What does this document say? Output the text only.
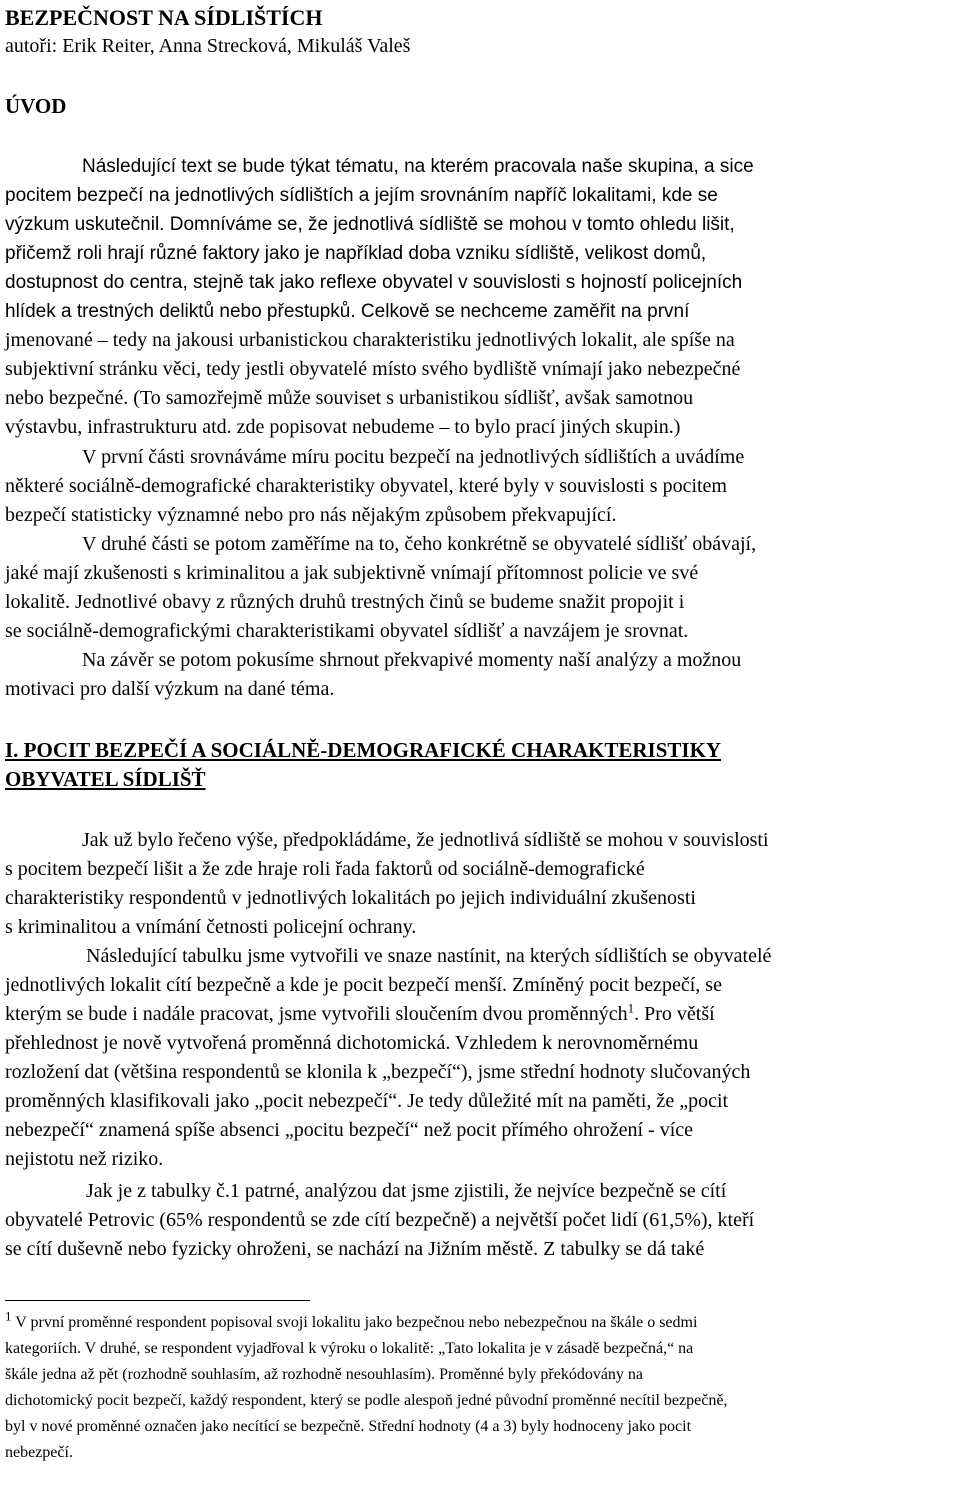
BEZPEČNOST NA SÍDLIŠTÍCH
autoři: Erik Reiter, Anna Strecková, Mikuláš Valeš
ÚVOD
Následující text se bude týkat tématu, na kterém pracovala naše skupina, a sice
pocitem bezpečí na jednotlivých sídlištích a jejím srovnáním napříč lokalitami, kde se
výzkum uskutečnil. Domníváme se, že jednotlivá sídliště se mohou v tomto ohledu lišit,
přičemž roli hrají různé faktory jako je například doba vzniku sídliště, velikost domů,
dostupnost do centra, stejně tak jako reflexe obyvatel v souvislosti s hojností policejních
hlídek a trestných deliktů nebo přestupků. Celkově se nechceme zaměřit na první
jmenované – tedy na jakousi urbanistickou charakteristiku jednotlivých lokalit, ale spíše na
subjektivní stránku věci, tedy jestli obyvatelé místo svého bydliště vnímají jako nebezpečné
nebo bezpečné. (To samozřejmě může souviset s urbanistikou sídlišť, avšak samotnou
výstavbu, infrastrukturu atd. zde popisovat nebudeme – to bylo prací jiných skupin.)
V první části srovnáváme míru pocitu bezpečí na jednotlivých sídlištích a uvádíme
některé sociálně-demografické charakteristiky obyvatel, které byly v souvislosti s pocitem
bezpečí statisticky významné nebo pro nás nějakým způsobem překvapující.
V druhé části se potom zaměříme na to, čeho konkrétně se obyvatelé sídlišť obávají,
jaké mají zkušenosti s kriminalitou a jak subjektivně vnímají přítomnost policie ve své
lokalitě. Jednotlivé obavy z různých druhů trestných činů se budeme snažit propojit i
se sociálně-demografickými charakteristikami obyvatel sídlišť a navzájem je srovnat.
Na závěr se potom pokusíme shrnout překvapivé momenty naší analýzy a možnou
motivaci pro další výzkum na dané téma.
I. POCIT BEZPEČÍ A SOCIÁLNĚ-DEMOGRAFICKÉ CHARAKTERISTIKY
OBYVATEL SÍDLIŠŤ
Jak už bylo řečeno výše, předpokládáme, že jednotlivá sídliště se mohou v souvislosti
s pocitem bezpečí lišit a že zde hraje roli řada faktorů od sociálně-demografické
charakteristiky respondentů v jednotlivých lokalitách po jejich individuální zkušenosti
s kriminalitou a vnímání četnosti policejní ochrany.
Následující tabulku jsme vytvořili ve snaze nastínit, na kterých sídlištích se obyvatelé
jednotlivých lokalit cítí bezpečně a kde je pocit bezpečí menší. Zmíněný pocit bezpečí, se
kterým se bude i nadále pracovat, jsme vytvořili sloučením dvou proměnných$^1$. Pro větší
přehlednost je nově vytvořená proměnná dichotomická. Vzhledem k nerovnoměrnému
rozložení dat (většina respondentů se klonila k „bezpečí“), jsme střední hodnoty slučovaných
proměnných klasifikovali jako „pocit nebezpečí“. Je tedy důležité mít na paměti, že „pocit
nebezpečí“ znamená spíše absenci „pocitu bezpečí“ než pocit přímého ohrožení - více
nejistotu než riziko.
Jak je z tabulky č.1 patrné, analýzou dat jsme zjistili, že nejvíce bezpečně se cítí
obyvatelé Petrovic (65% respondentů se zde cítí bezpečně) a největší počet lidí (61,5%), kteří
se cítí duševně nebo fyzicky ohroženi, se nachází na Jižním městě. Z tabulky se dá také
$^1$ V první proměnné respondent popisoval svoji lokalitu jako bezpečnou nebo nebezpečnou na škále o sedmi
kategoriích. V druhé, se respondent vyjadřoval k výroku o lokalitě: „Tato lokalita je v zásadě bezpečná,“ na
škále jedna až pět (rozhodně souhlasím, až rozhodně nesouhlasím). Proměnné byly překódovány na
dichotomický pocit bezpečí, každý respondent, který se podle alespoň jedné původní proměnné necítil bezpečně,
byl v nové proměnné označen jako necítící se bezpečně. Střední hodnoty (4 a 3) byly hodnoceny jako pocit
nebezpečí.
